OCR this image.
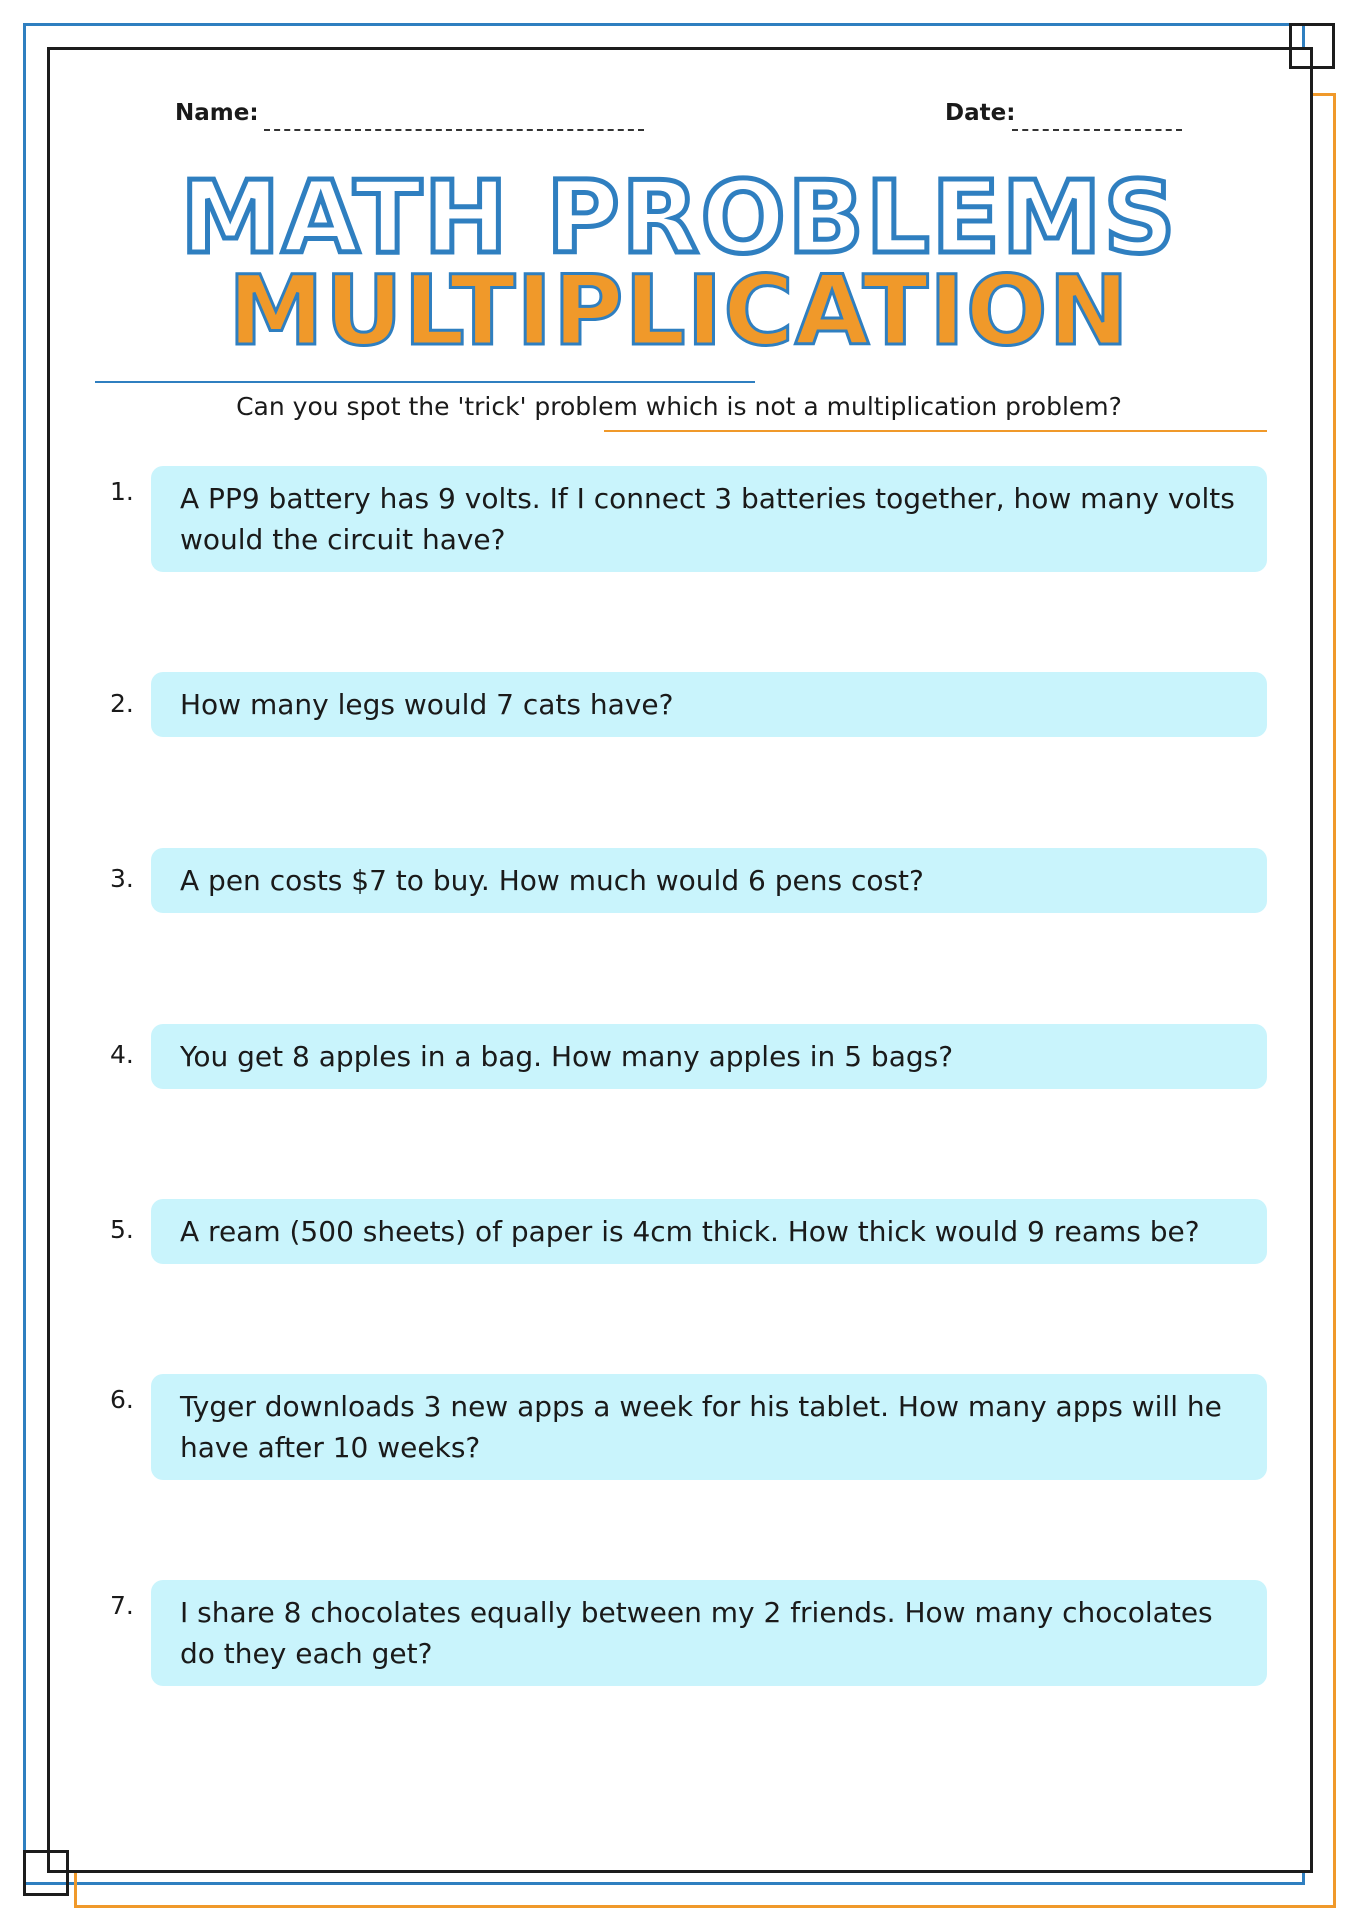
Name:	Date:
MATH PROBLEMS
MULTIPLICATION
Can you spot the 'trick' problem which is not a multiplication problem?
1.	A PP9 battery has 9 volts. If I connect 3 batteries together, how many volts would the circuit have?
2.	How many legs would 7 cats have?
3.	A pen costs $7 to buy. How much would 6 pens cost?
4.	You get 8 apples in a bag. How many apples in 5 bags?
5.	A ream (500 sheets) of paper is 4cm thick. How thick would 9 reams be?
6.	Tyger downloads 3 new apps a week for his tablet. How many apps will he have after 10 weeks?
7.	I share 8 chocolates equally between my 2 friends. How many chocolates do they each get?
